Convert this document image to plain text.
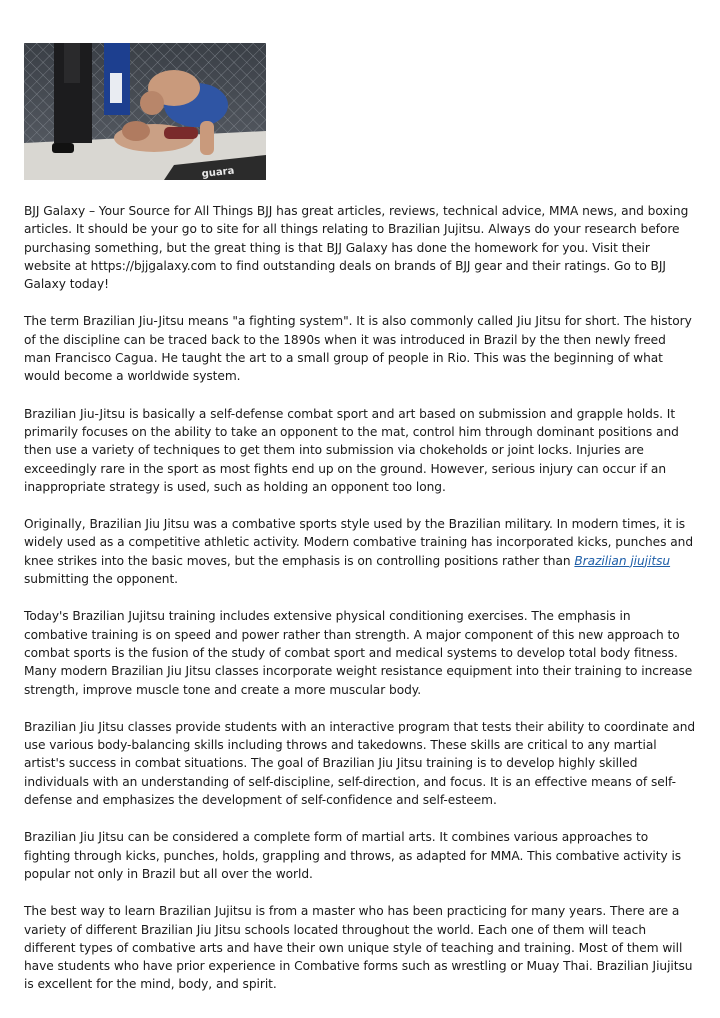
guara

BJJ Galaxy – Your Source for All Things BJJ has great articles, reviews, technical advice, MMA news, and boxing articles. It should be your go to site for all things relating to Brazilian Jujitsu. Always do your research before purchasing something, but the great thing is that BJJ Galaxy has done the homework for you. Visit their website at https://bjjgalaxy.com to find outstanding deals on brands of BJJ gear and their ratings. Go to BJJ Galaxy today!

The term Brazilian Jiu-Jitsu means "a fighting system". It is also commonly called Jiu Jitsu for short. The history of the discipline can be traced back to the 1890s when it was introduced in Brazil by the then newly freed man Francisco Cagua. He taught the art to a small group of people in Rio. This was the beginning of what would become a worldwide system.

Brazilian Jiu-Jitsu is basically a self-defense combat sport and art based on submission and grapple holds. It primarily focuses on the ability to take an opponent to the mat, control him through dominant positions and then use a variety of techniques to get them into submission via chokeholds or joint locks. Injuries are exceedingly rare in the sport as most fights end up on the ground. However, serious injury can occur if an inappropriate strategy is used, such as holding an opponent too long.

Originally, Brazilian Jiu Jitsu was a combative sports style used by the Brazilian military. In modern times, it is widely used as a competitive athletic activity. Modern combative training has incorporated kicks, punches and knee strikes into the basic moves, but the emphasis is on controlling positions rather than Brazilian jiujitsu submitting the opponent.

Today's Brazilian Jujitsu training includes extensive physical conditioning exercises. The emphasis in combative training is on speed and power rather than strength. A major component of this new approach to combat sports is the fusion of the study of combat sport and medical systems to develop total body fitness. Many modern Brazilian Jiu Jitsu classes incorporate weight resistance equipment into their training to increase strength, improve muscle tone and create a more muscular body.

Brazilian Jiu Jitsu classes provide students with an interactive program that tests their ability to coordinate and use various body-balancing skills including throws and takedowns. These skills are critical to any martial artist's success in combat situations. The goal of Brazilian Jiu Jitsu training is to develop highly skilled individuals with an understanding of self-discipline, self-direction, and focus. It is an effective means of self-defense and emphasizes the development of self-confidence and self-esteem.

Brazilian Jiu Jitsu can be considered a complete form of martial arts. It combines various approaches to fighting through kicks, punches, holds, grappling and throws, as adapted for MMA. This combative activity is popular not only in Brazil but all over the world.

The best way to learn Brazilian Jujitsu is from a master who has been practicing for many years. There are a variety of different Brazilian Jiu Jitsu schools located throughout the world. Each one of them will teach different types of combative arts and have their own unique style of teaching and training. Most of them will have students who have prior experience in Combative forms such as wrestling or Muay Thai. Brazilian Jiujitsu is excellent for the mind, body, and spirit.
